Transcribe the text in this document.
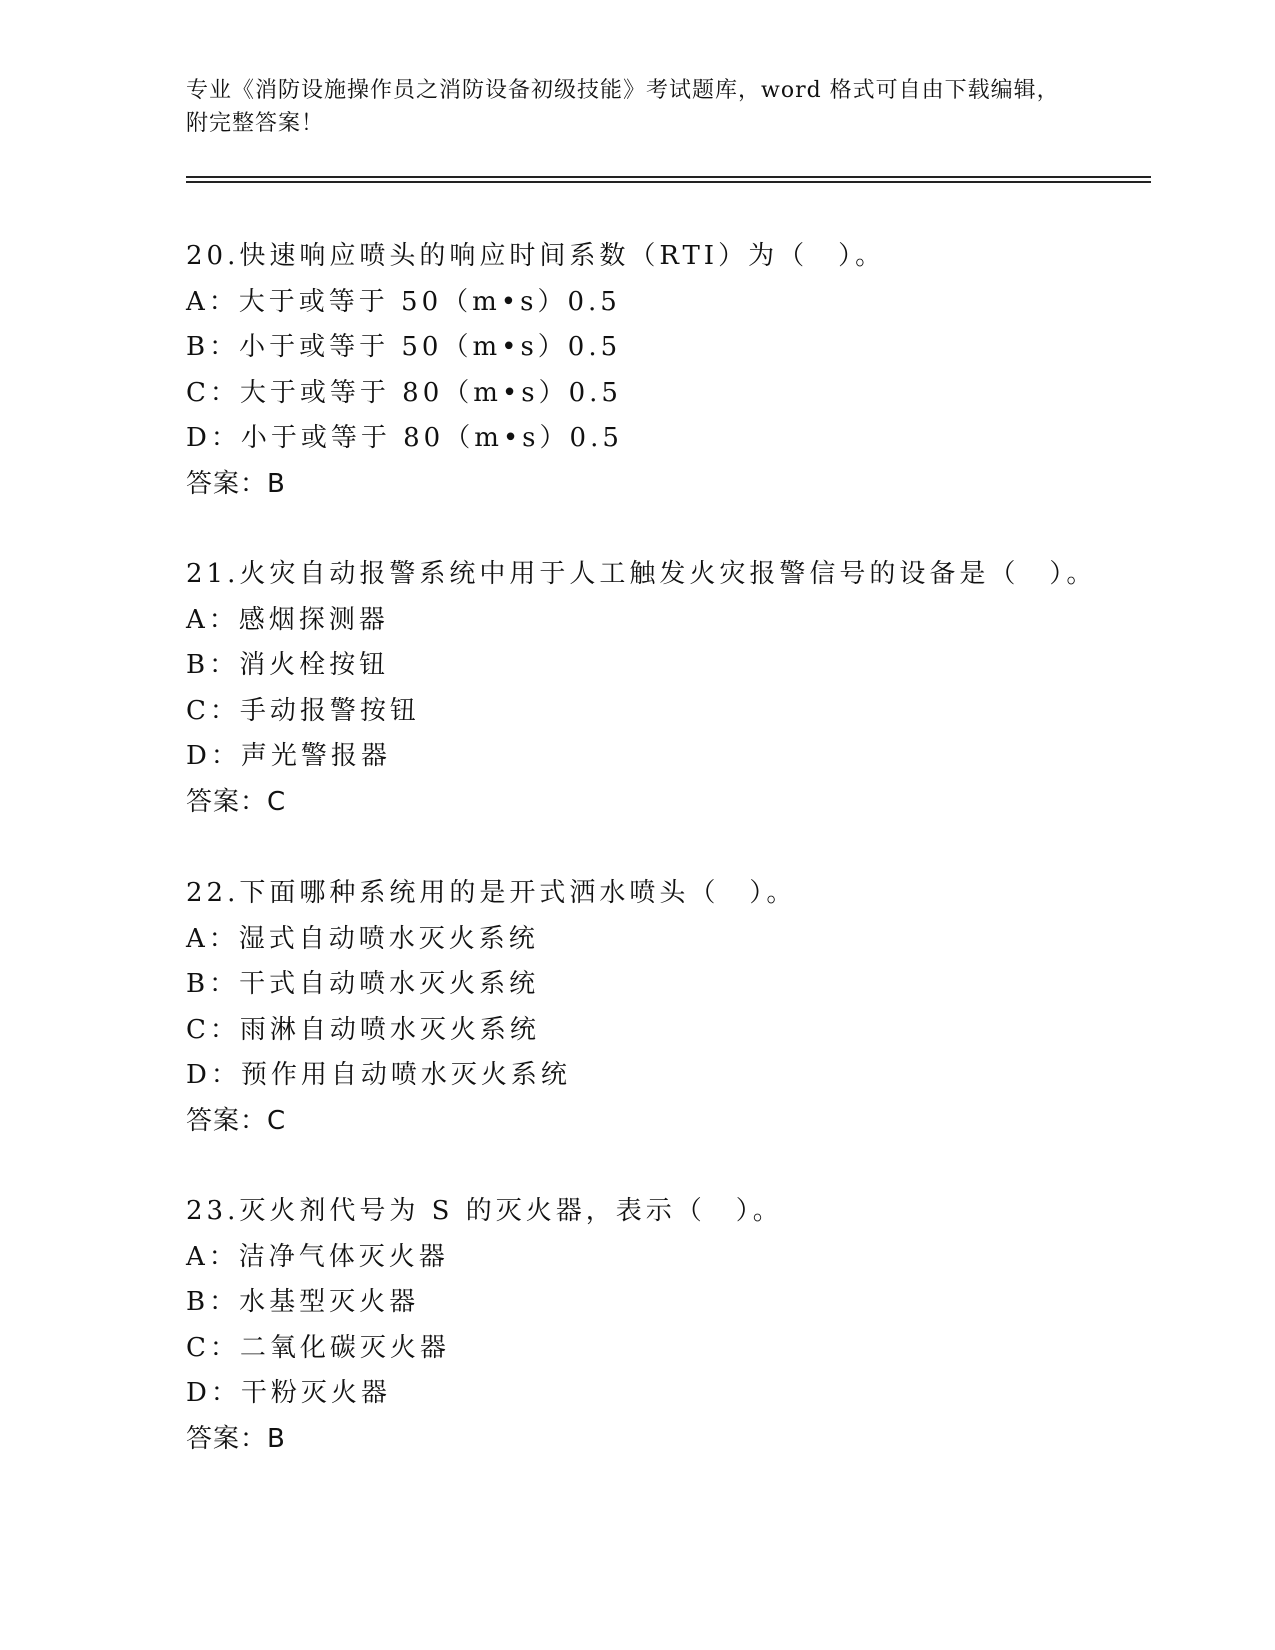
专业《消防设施操作员之消防设备初级技能》考试题库，word 格式可自由下载编辑，附完整答案！
20.快速响应喷头的响应时间系数（RTI）为（　）。
A：大于或等于 50（m•s）0.5
B：小于或等于 50（m•s）0.5
C：大于或等于 80（m•s）0.5
D：小于或等于 80（m•s）0.5
答案：B
21.火灾自动报警系统中用于人工触发火灾报警信号的设备是（　）。
A：感烟探测器
B：消火栓按钮
C：手动报警按钮
D：声光警报器
答案：C
22.下面哪种系统用的是开式洒水喷头（　）。
A：湿式自动喷水灭火系统
B：干式自动喷水灭火系统
C：雨淋自动喷水灭火系统
D：预作用自动喷水灭火系统
答案：C
23.灭火剂代号为 S 的灭火器，表示（　）。
A：洁净气体灭火器
B：水基型灭火器
C：二氧化碳灭火器
D：干粉灭火器
答案：B
